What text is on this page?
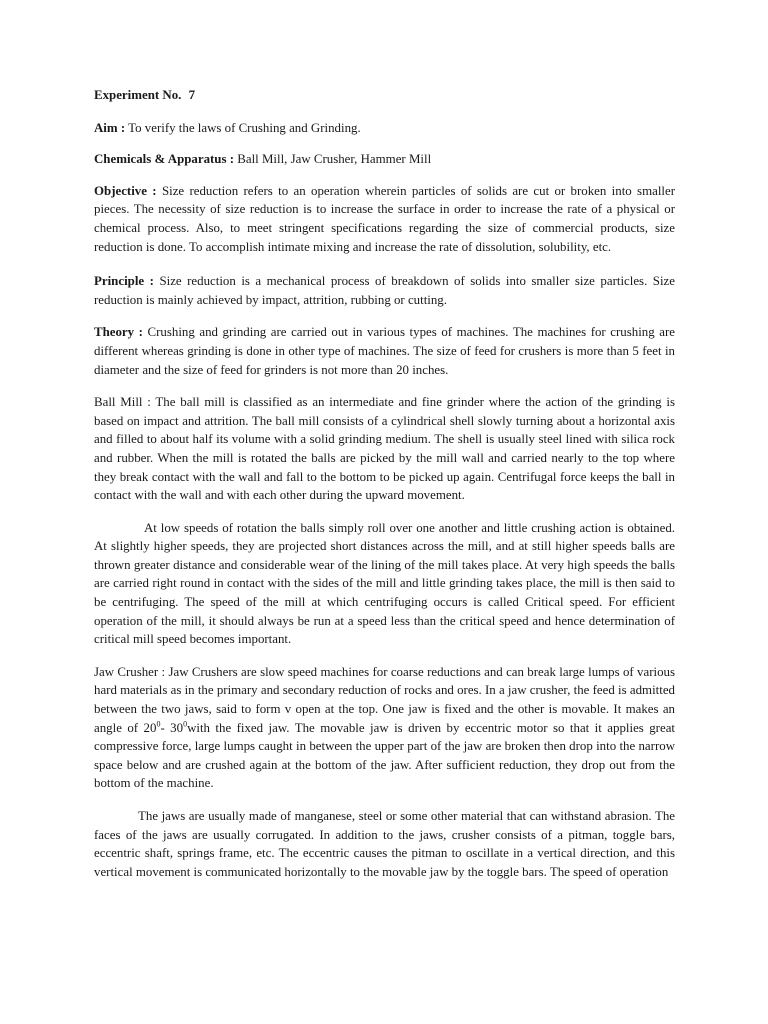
Experiment No. 7

Aim : To verify the laws of Crushing and Grinding.

Chemicals & Apparatus : Ball Mill, Jaw Crusher, Hammer Mill

Objective : Size reduction refers to an operation wherein particles of solids are cut or broken into smaller pieces. The necessity of size reduction is to increase the surface in order to increase the rate of a physical or chemical process. Also, to meet stringent specifications regarding the size of commercial products, size reduction is done. To accomplish intimate mixing and increase the rate of dissolution, solubility, etc.

Principle : Size reduction is a mechanical process of breakdown of solids into smaller size particles. Size reduction is mainly achieved by impact, attrition, rubbing or cutting.

Theory : Crushing and grinding are carried out in various types of machines. The machines for crushing are different whereas grinding is done in other type of machines. The size of feed for crushers is more than 5 feet in diameter and the size of feed for grinders is not more than 20 inches.

Ball Mill : The ball mill is classified as an intermediate and fine grinder where the action of the grinding is based on impact and attrition. The ball mill consists of a cylindrical shell slowly turning about a horizontal axis and filled to about half its volume with a solid grinding medium. The shell is usually steel lined with silica rock and rubber. When the mill is rotated the balls are picked by the mill wall and carried nearly to the top where they break contact with the wall and fall to the bottom to be picked up again. Centrifugal force keeps the ball in contact with the wall and with each other during the upward movement.

At low speeds of rotation the balls simply roll over one another and little crushing action is obtained. At slightly higher speeds, they are projected short distances across the mill, and at still higher speeds balls are thrown greater distance and considerable wear of the lining of the mill takes place. At very high speeds the balls are carried right round in contact with the sides of the mill and little grinding takes place, the mill is then said to be centrifuging. The speed of the mill at which centrifuging occurs is called Critical speed. For efficient operation of the mill, it should always be run at a speed less than the critical speed and hence determination of critical mill speed becomes important.

Jaw Crusher : Jaw Crushers are slow speed machines for coarse reductions and can break large lumps of various hard materials as in the primary and secondary reduction of rocks and ores. In a jaw crusher, the feed is admitted between the two jaws, said to form v open at the top. One jaw is fixed and the other is movable. It makes an angle of $20^0-$ $30^0with$ the fixed jaw. The movable jaw is driven by eccentric motor so that it applies great compressive force, large lumps caught in between the upper part of the jaw are broken then drop into the narrow space below and are crushed again at the bottom of the jaw. After sufficient reduction, they drop out from the bottom of the machine.

The jaws are usually made of manganese, steel or some other material that can withstand abrasion. The faces of the jaws are usually corrugated. In addition to the jaws, crusher consists of a pitman, toggle bars, eccentric shaft, springs frame, etc. The eccentric causes the pitman to oscillate in a vertical direction, and this vertical movement is communicated horizontally to the movable jaw by the toggle bars. The speed of operation
